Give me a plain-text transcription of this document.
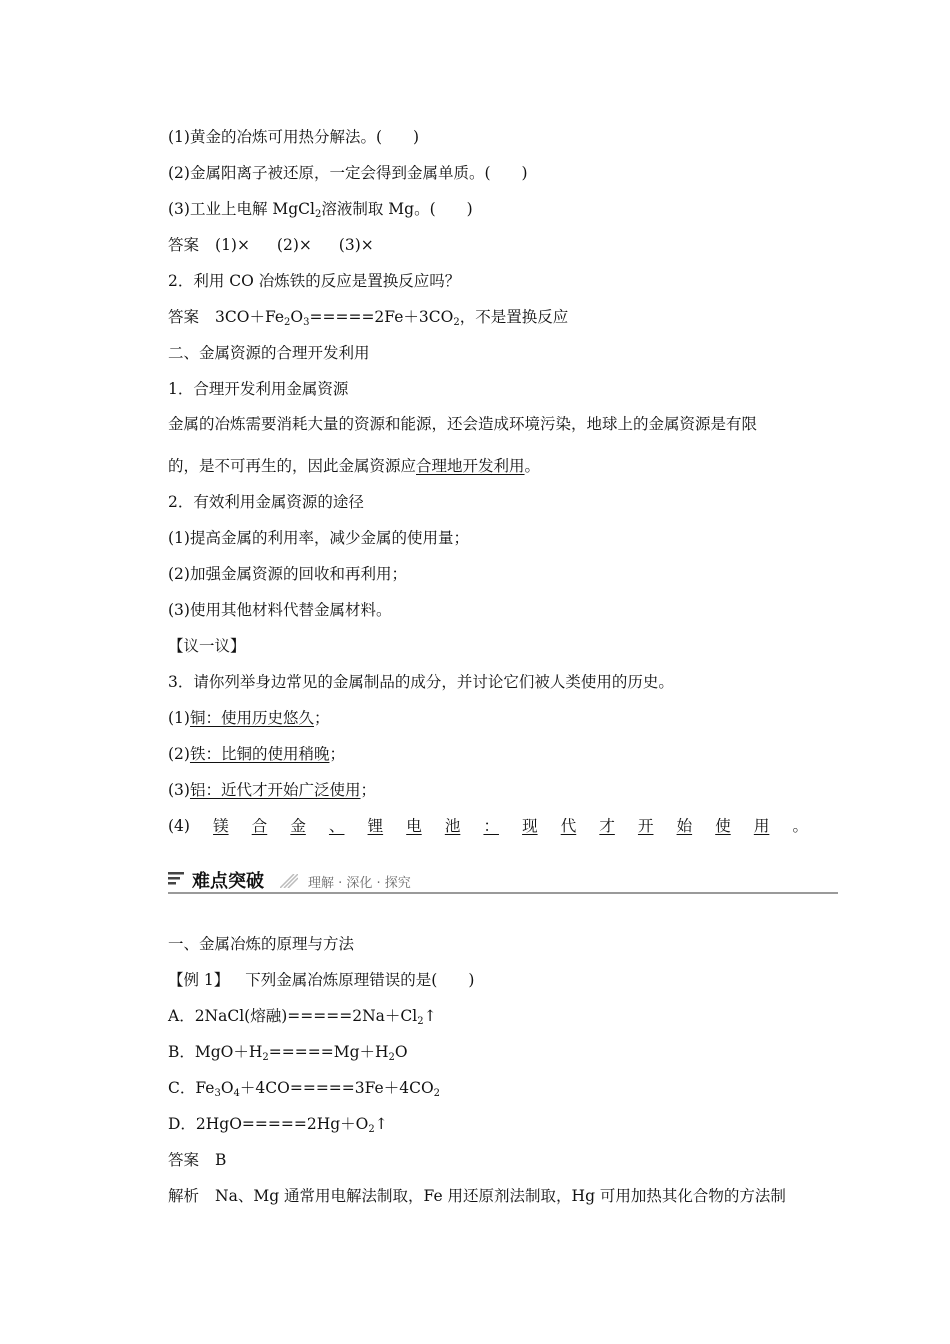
(1)黄金的冶炼可用热分解法。(　　)
(2)金属阳离子被还原，一定会得到金属单质。(　　)
(3)工业上电解 MgCl$_2$溶液制取 Mg。(　　)
答案 (1)× (2)× (3)×
2．利用 CO 冶炼铁的反应是置换反应吗？
答案 $3CO+Fe_2O_3=====2Fe+3CO_2$，不是置换反应
二、金属资源的合理开发利用
1．合理开发利用金属资源
金属的冶炼需要消耗大量的资源和能源，还会造成环境污染，地球上的金属资源是有限
的，是不可再生的，因此金属资源应合理地开发利用。
2．有效利用金属资源的途径
(1)提高金属的利用率，减少金属的使用量；
(2)加强金属资源的回收和再利用；
(3)使用其他材料代替金属材料。
【议一议】
3．请你列举身边常见的金属制品的成分，并讨论它们被人类使用的历史。
(1)铜：使用历史悠久；
(2)铁：比铜的使用稍晚；
(3)铝：近代才开始广泛使用；
(4) 镁 合 金 、 锂 电 池 ： 现 代 才 开 始 使 用 。
难点突破	理解 · 深化 · 探究
一、金属冶炼的原理与方法
【例 1】 下列金属冶炼原理错误的是(　　)
A．2NaCl(熔融)$=====2Na+Cl_2↑$
B．$MgO+H_2=====Mg+H_2O$
C．$Fe_3O_4+4CO=====3Fe+4CO_2$
D．$2HgO=====2Hg+O_2↑$
答案 B
解析 Na、Mg 通常用电解法制取，Fe 用还原剂法制取，Hg 可用加热其化合物的方法制
